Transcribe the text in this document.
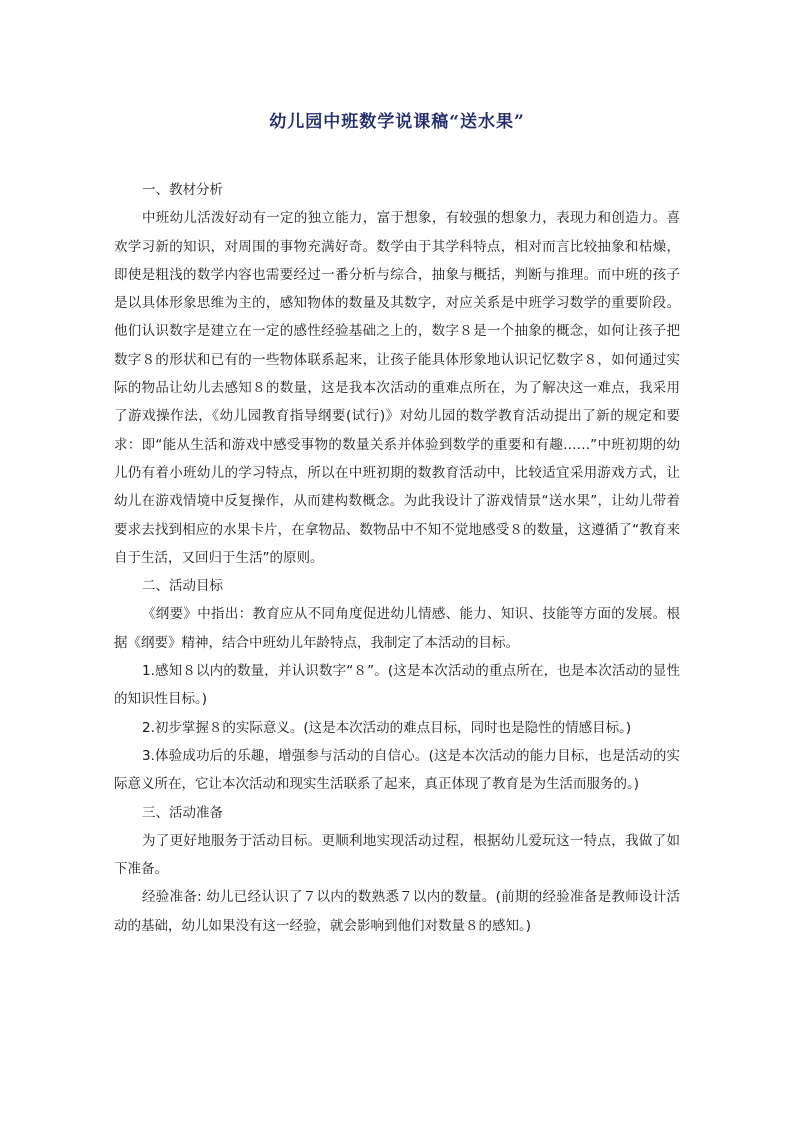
幼儿园中班数学说课稿“送水果”

一、教材分析

中班幼儿活泼好动有一定的独立能力，富于想象，有较强的想象力，表现力和创造力。喜欢学习新的知识，对周围的事物充满好奇。数学由于其学科特点，相对而言比较抽象和枯燥，即使是粗浅的数学内容也需要经过一番分析与综合，抽象与概括，判断与推理。而中班的孩子是以具体形象思维为主的，感知物体的数量及其数字，对应关系是中班学习数学的重要阶段。他们认识数字是建立在一定的感性经验基础之上的，数字８是一个抽象的概念，如何让孩子把数字８的形状和已有的一些物体联系起来，让孩子能具体形象地认识记忆数字８，如何通过实际的物品让幼儿去感知８的数量，这是我本次活动的重难点所在，为了解决这一难点，我采用了游戏操作法，《幼儿园教育指导纲要(试行)》对幼儿园的数学教育活动提出了新的规定和要求：即“能从生活和游戏中感受事物的数量关系并体验到数学的重要和有趣……”中班初期的幼儿仍有着小班幼儿的学习特点，所以在中班初期的数教育活动中，比较适宜采用游戏方式，让幼儿在游戏情境中反复操作，从而建构数概念。为此我设计了游戏情景“送水果”，让幼儿带着要求去找到相应的水果卡片，在拿物品、数物品中不知不觉地感受８的数量，这遵循了“教育来自于生活，又回归于生活”的原则。

二、活动目标

《纲要》中指出：教育应从不同角度促进幼儿情感、能力、知识、技能等方面的发展。根据《纲要》精神，结合中班幼儿年龄特点，我制定了本活动的目标。

1.感知８以内的数量，并认识数字“８”。(这是本次活动的重点所在，也是本次活动的显性的知识性目标。)

2.初步掌握８的实际意义。(这是本次活动的难点目标，同时也是隐性的情感目标。)

3.体验成功后的乐趣，增强参与活动的自信心。(这是本次活动的能力目标，也是活动的实际意义所在，它让本次活动和现实生活联系了起来，真正体现了教育是为生活而服务的。)

三、活动准备

为了更好地服务于活动目标。更顺利地实现活动过程，根据幼儿爱玩这一特点，我做了如下准备。

经验准备: 幼儿已经认识了７以内的数熟悉７以内的数量。(前期的经验准备是教师设计活动的基础，幼儿如果没有这一经验，就会影响到他们对数量８的感知。)
